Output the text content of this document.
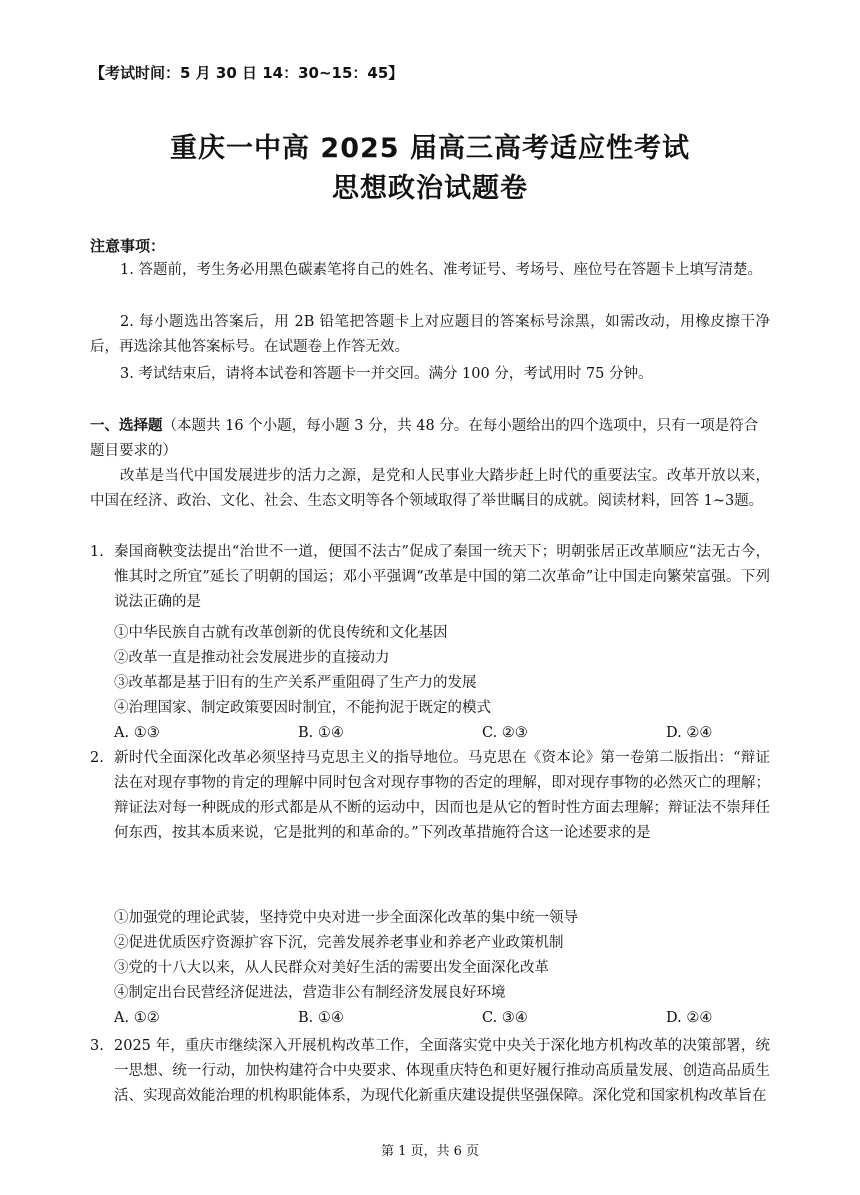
【考试时间：5 月 30 日 14：30~15：45】
重庆一中高 2025 届高三高考适应性考试
思想政治试题卷
注意事项：

1. 答题前，考生务必用黑色碳素笔将自己的姓名、准考证号、考场号、座位号在答题卡上填写清楚。

2. 每小题选出答案后，用 2B 铅笔把答题卡上对应题目的答案标号涂黑，如需改动，用橡皮擦干净后，再选涂其他答案标号。在试题卷上作答无效。

3. 考试结束后，请将本试卷和答题卡一并交回。满分 100 分，考试用时 75 分钟。

一、选择题（本题共 16 个小题，每小题 3 分，共 48 分。在每小题给出的四个选项中，只有一项是符合题目要求的）

改革是当代中国发展进步的活力之源，是党和人民事业大踏步赶上时代的重要法宝。改革开放以来，中国在经济、政治、文化、社会、生态文明等各个领域取得了举世瞩目的成就。阅读材料，回答 1~3题。

1. 秦国商鞅变法提出“治世不一道，便国不法古”促成了秦国一统天下；明朝张居正改革顺应“法无古今，惟其时之所宜”延长了明朝的国运；邓小平强调“改革是中国的第二次革命”让中国走向繁荣富强。下列说法正确的是
①中华民族自古就有改革创新的优良传统和文化基因
②改革一直是推动社会发展进步的直接动力
③改革都是基于旧有的生产关系严重阻碍了生产力的发展
④治理国家、制定政策要因时制宜，不能拘泥于既定的模式
A. ①③	B. ①④	C. ②③	D. ②④
2. 新时代全面深化改革必须坚持马克思主义的指导地位。马克思在《资本论》第一卷第二版指出：“辩证法在对现存事物的肯定的理解中同时包含对现存事物的否定的理解，即对现存事物的必然灭亡的理解；辩证法对每一种既成的形式都是从不断的运动中，因而也是从它的暂时性方面去理解；辩证法不崇拜任何东西，按其本质来说，它是批判的和革命的。”下列改革措施符合这一论述要求的是
①加强党的理论武装，坚持党中央对进一步全面深化改革的集中统一领导
②促进优质医疗资源扩容下沉，完善发展养老事业和养老产业政策机制
③党的十八大以来，从人民群众对美好生活的需要出发全面深化改革
④制定出台民营经济促进法，营造非公有制经济发展良好环境
A. ①②	B. ①④	C. ③④	D. ②④
3. 2025 年，重庆市继续深入开展机构改革工作，全面落实党中央关于深化地方机构改革的决策部署，统一思想、统一行动，加快构建符合中央要求、体现重庆特色和更好履行推动高质量发展、创造高品质生活、实现高效能治理的机构职能体系，为现代化新重庆建设提供坚强保障。深化党和国家机构改革旨在
第 1 页，共 6 页
